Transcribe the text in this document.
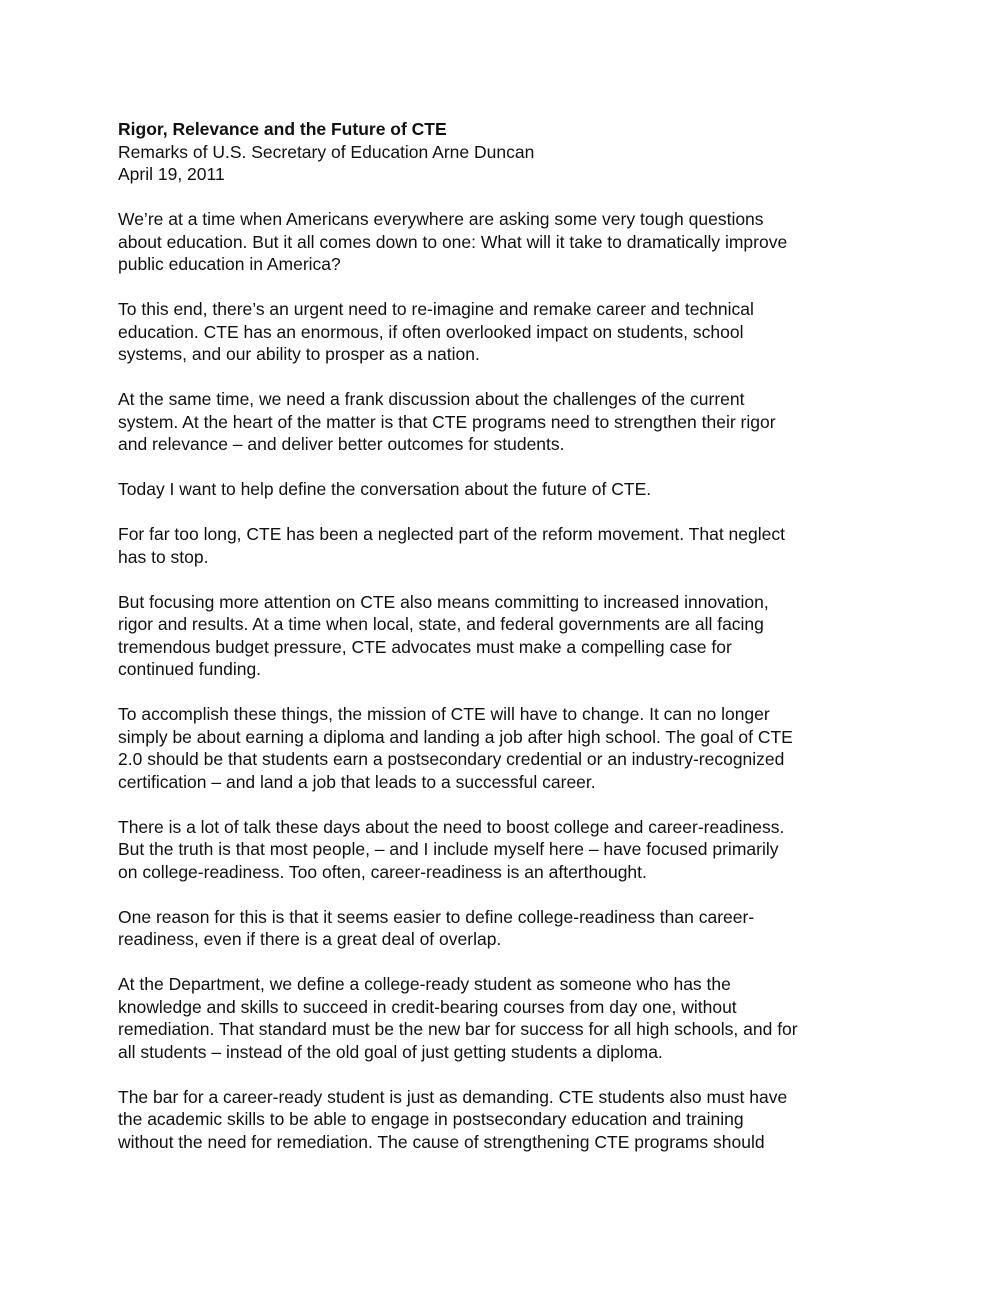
Rigor, Relevance and the Future of CTE

Remarks of U.S. Secretary of Education Arne Duncan

April 19, 2011

We’re at a time when Americans everywhere are asking some very tough questions
about education. But it all comes down to one: What will it take to dramatically improve
public education in America?

To this end, there’s an urgent need to re-imagine and remake career and technical
education. CTE has an enormous, if often overlooked impact on students, school
systems, and our ability to prosper as a nation.

At the same time, we need a frank discussion about the challenges of the current
system. At the heart of the matter is that CTE programs need to strengthen their rigor
and relevance – and deliver better outcomes for students.

Today I want to help define the conversation about the future of CTE.

For far too long, CTE has been a neglected part of the reform movement. That neglect
has to stop.

But focusing more attention on CTE also means committing to increased innovation,
rigor and results. At a time when local, state, and federal governments are all facing
tremendous budget pressure, CTE advocates must make a compelling case for
continued funding.

To accomplish these things, the mission of CTE will have to change. It can no longer
simply be about earning a diploma and landing a job after high school. The goal of CTE
2.0 should be that students earn a postsecondary credential or an industry-recognized
certification – and land a job that leads to a successful career.

There is a lot of talk these days about the need to boost college and career-readiness.
But the truth is that most people, – and I include myself here – have focused primarily
on college-readiness. Too often, career-readiness is an afterthought.

One reason for this is that it seems easier to define college-readiness than career-
readiness, even if there is a great deal of overlap.

At the Department, we define a college-ready student as someone who has the
knowledge and skills to succeed in credit-bearing courses from day one, without
remediation. That standard must be the new bar for success for all high schools, and for
all students – instead of the old goal of just getting students a diploma.

The bar for a career-ready student is just as demanding. CTE students also must have
the academic skills to be able to engage in postsecondary education and training
without the need for remediation. The cause of strengthening CTE programs should
